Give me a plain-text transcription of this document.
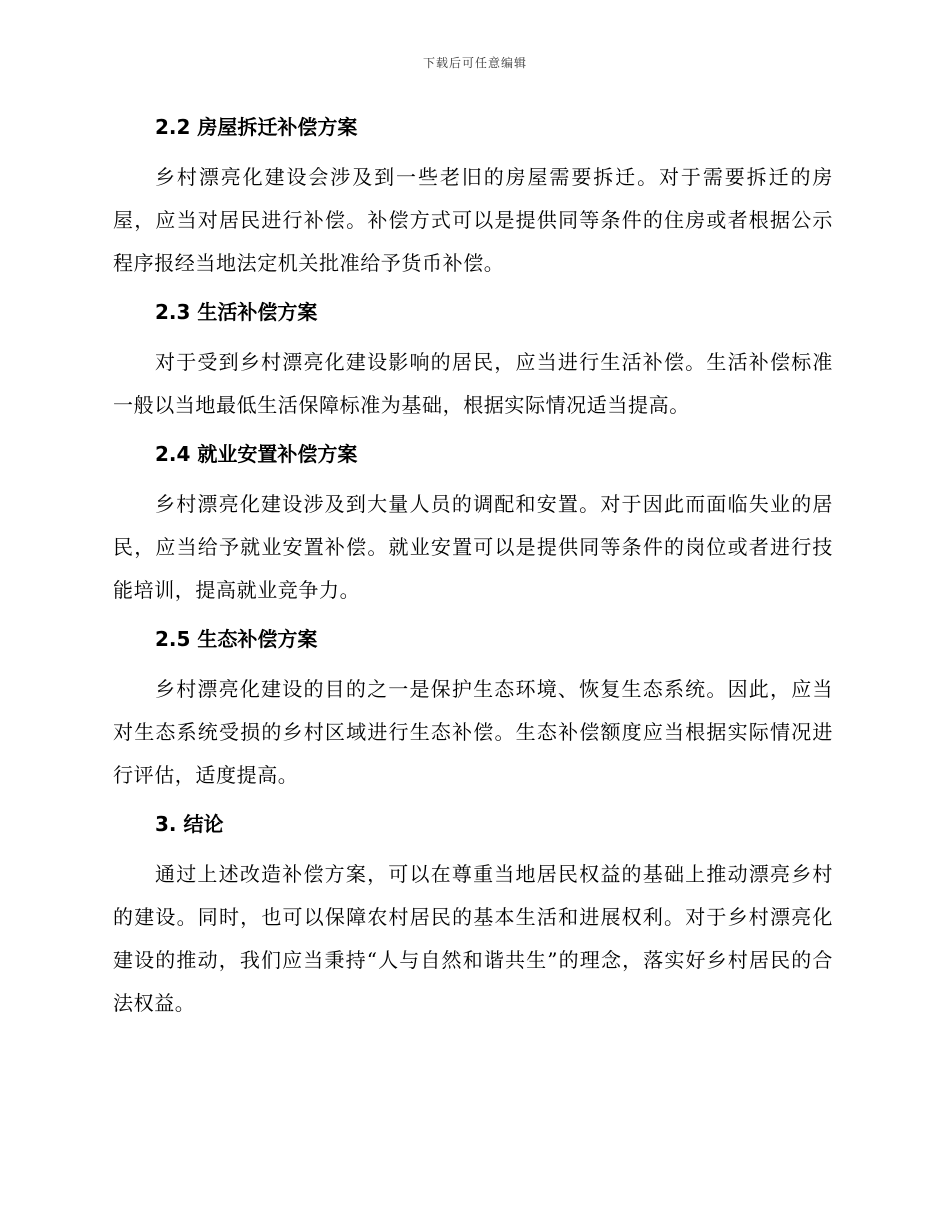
下载后可任意编辑
2.2 房屋拆迁补偿方案

乡村漂亮化建设会涉及到一些老旧的房屋需要拆迁。对于需要拆迁的房屋，应当对居民进行补偿。补偿方式可以是提供同等条件的住房或者根据公示程序报经当地法定机关批准给予货币补偿。

2.3 生活补偿方案

对于受到乡村漂亮化建设影响的居民，应当进行生活补偿。生活补偿标准一般以当地最低生活保障标准为基础，根据实际情况适当提高。

2.4 就业安置补偿方案

乡村漂亮化建设涉及到大量人员的调配和安置。对于因此而面临失业的居民，应当给予就业安置补偿。就业安置可以是提供同等条件的岗位或者进行技能培训，提高就业竞争力。

2.5 生态补偿方案

乡村漂亮化建设的目的之一是保护生态环境、恢复生态系统。因此，应当对生态系统受损的乡村区域进行生态补偿。生态补偿额度应当根据实际情况进行评估，适度提高。

3. 结论

通过上述改造补偿方案，可以在尊重当地居民权益的基础上推动漂亮乡村的建设。同时，也可以保障农村居民的基本生活和进展权利。对于乡村漂亮化建设的推动，我们应当秉持“人与自然和谐共生”的理念，落实好乡村居民的合法权益。
